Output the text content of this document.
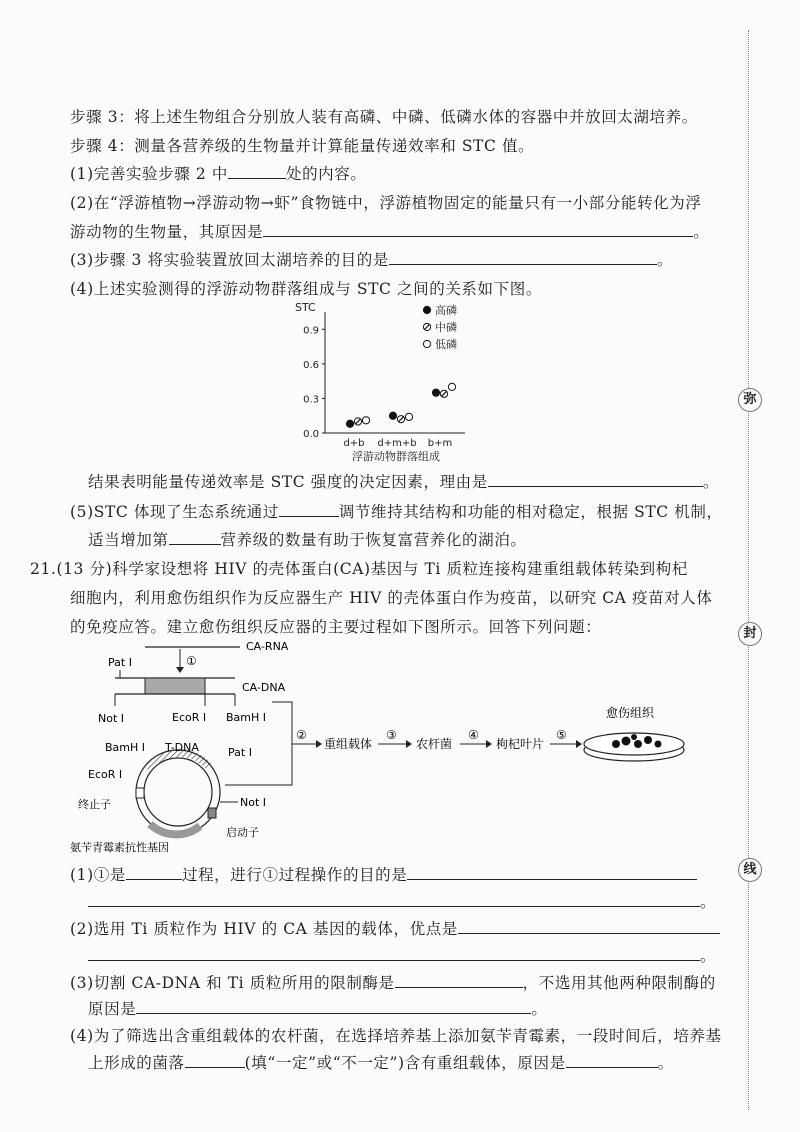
弥
封
线
步骤 3：将上述生物组合分别放人装有高磷、中磷、低磷水体的容器中并放回太湖培养。
步骤 4：测量各营养级的生物量并计算能量传递效率和 STC 值。
(1)完善实验步骤 2 中	处的内容。
(2)在“浮游植物→浮游动物→虾”食物链中，浮游植物固定的能量只有一小部分能转化为浮
游动物的生物量，其原因是	。
(3)步骤 3 将实验装置放回太湖培养的目的是	。
(4)上述实验测得的浮游动物群落组成与 STC 之间的关系如下图。
STC
0.0
0.3
0.6
0.9
d+b d+m+b b+m
高磷
中磷
低磷
浮游动物群落组成
结果表明能量传递效率是 STC 强度的决定因素，理由是	。
(5)STC 体现了生态系统通过	调节维持其结构和功能的相对稳定，根据 STC 机制，
适当增加第	营养级的数量有助于恢复富营养化的湖泊。
21.(13 分)科学家设想将 HIV 的壳体蛋白(CA)基因与 Ti 质粒连接构建重组载体转染到枸杞
细胞内，利用愈伤组织作为反应器生产 HIV 的壳体蛋白作为疫苗，以研究 CA 疫苗对人体
的免疫应答。建立愈伤组织反应器的主要过程如下图所示。回答下列问题：
CA-RNA
①
Pat Ⅰ
CA-DNA
Not Ⅰ	EcoR Ⅰ BamH Ⅰ
BamH Ⅰ T-DNA	Pat Ⅰ
EcoR Ⅰ
终止子	Not Ⅰ
启动子
氨苄青霉素抗性基因
②
重组载体
③
农杆菌
④
枸杞叶片
⑤
愈伤组织
(1)①是	过程，进行①过程操作的目的是
。
(2)选用 Ti 质粒作为 HIV 的 CA 基因的载体，优点是
。
(3)切割 CA-DNA 和 Ti 质粒所用的限制酶是	，不选用其他两种限制酶的
原因是	。
(4)为了筛选出含重组载体的农杆菌，在选择培养基上添加氨苄青霉素，一段时间后，培养基
上形成的菌落	(填“一定”或“不一定”)含有重组载体，原因是	。
